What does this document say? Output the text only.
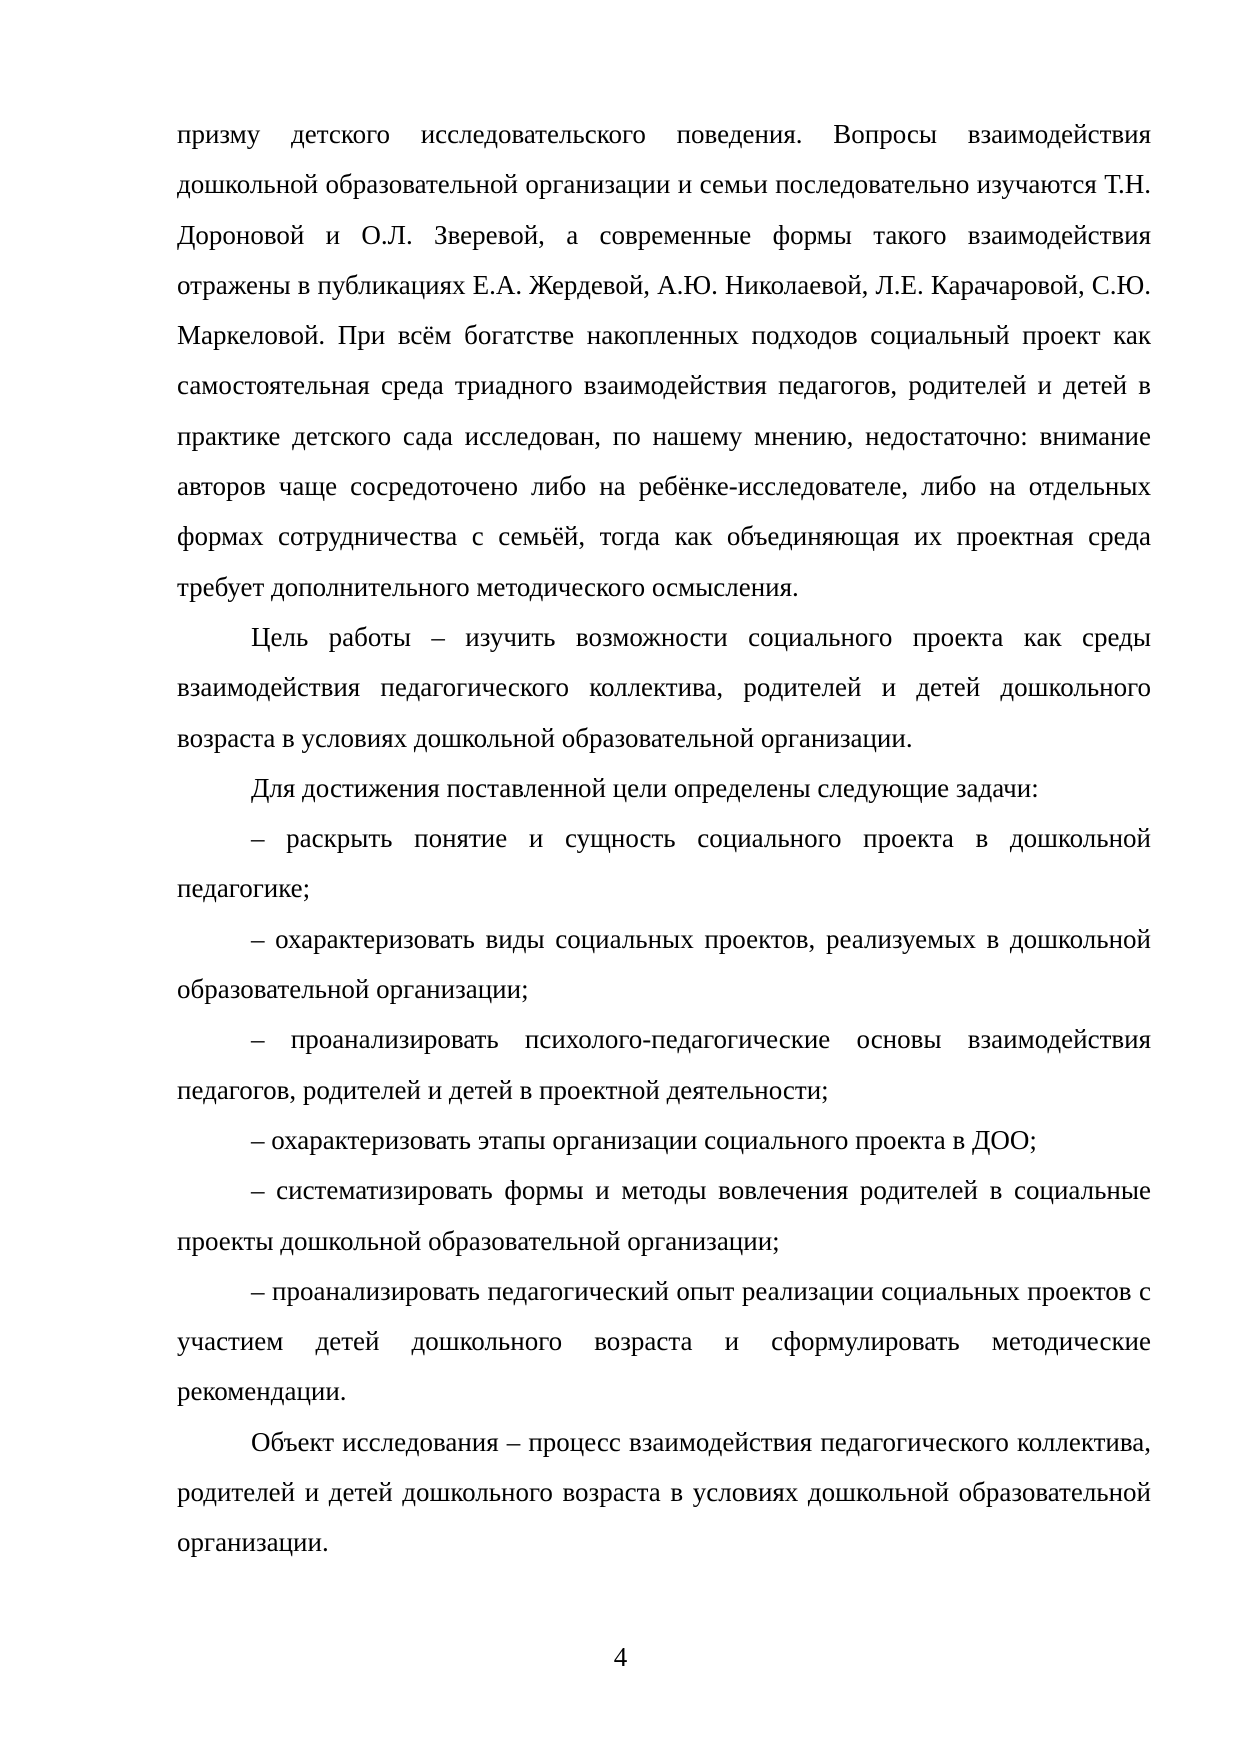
призму детского исследовательского поведения. Вопросы взаимодействия дошкольной образовательной организации и семьи последовательно изучаются Т.Н. Дороновой и О.Л. Зверевой, а современные формы такого взаимодействия отражены в публикациях Е.А. Жердевой, А.Ю. Николаевой, Л.Е. Карачаровой, С.Ю. Маркеловой. При всём богатстве накопленных подходов социальный проект как самостоятельная среда триадного взаимодействия педагогов, родителей и детей в практике детского сада исследован, по нашему мнению, недостаточно: внимание авторов чаще сосредоточено либо на ребёнке-исследователе, либо на отдельных формах сотрудничества с семьёй, тогда как объединяющая их проектная среда требует дополнительного методического осмысления.

Цель работы – изучить возможности социального проекта как среды взаимодействия педагогического коллектива, родителей и детей дошкольного возраста в условиях дошкольной образовательной организации.

Для достижения поставленной цели определены следующие задачи:

– раскрыть понятие и сущность социального проекта в дошкольной педагогике;

– охарактеризовать виды социальных проектов, реализуемых в дошкольной образовательной организации;

– проанализировать психолого-педагогические основы взаимодействия педагогов, родителей и детей в проектной деятельности;

– охарактеризовать этапы организации социального проекта в ДОО;

– систематизировать формы и методы вовлечения родителей в социальные проекты дошкольной образовательной организации;

– проанализировать педагогический опыт реализации социальных проектов с участием детей дошкольного возраста и сформулировать методические рекомендации.

Объект исследования – процесс взаимодействия педагогического коллектива, родителей и детей дошкольного возраста в условиях дошкольной образовательной организации.

4
